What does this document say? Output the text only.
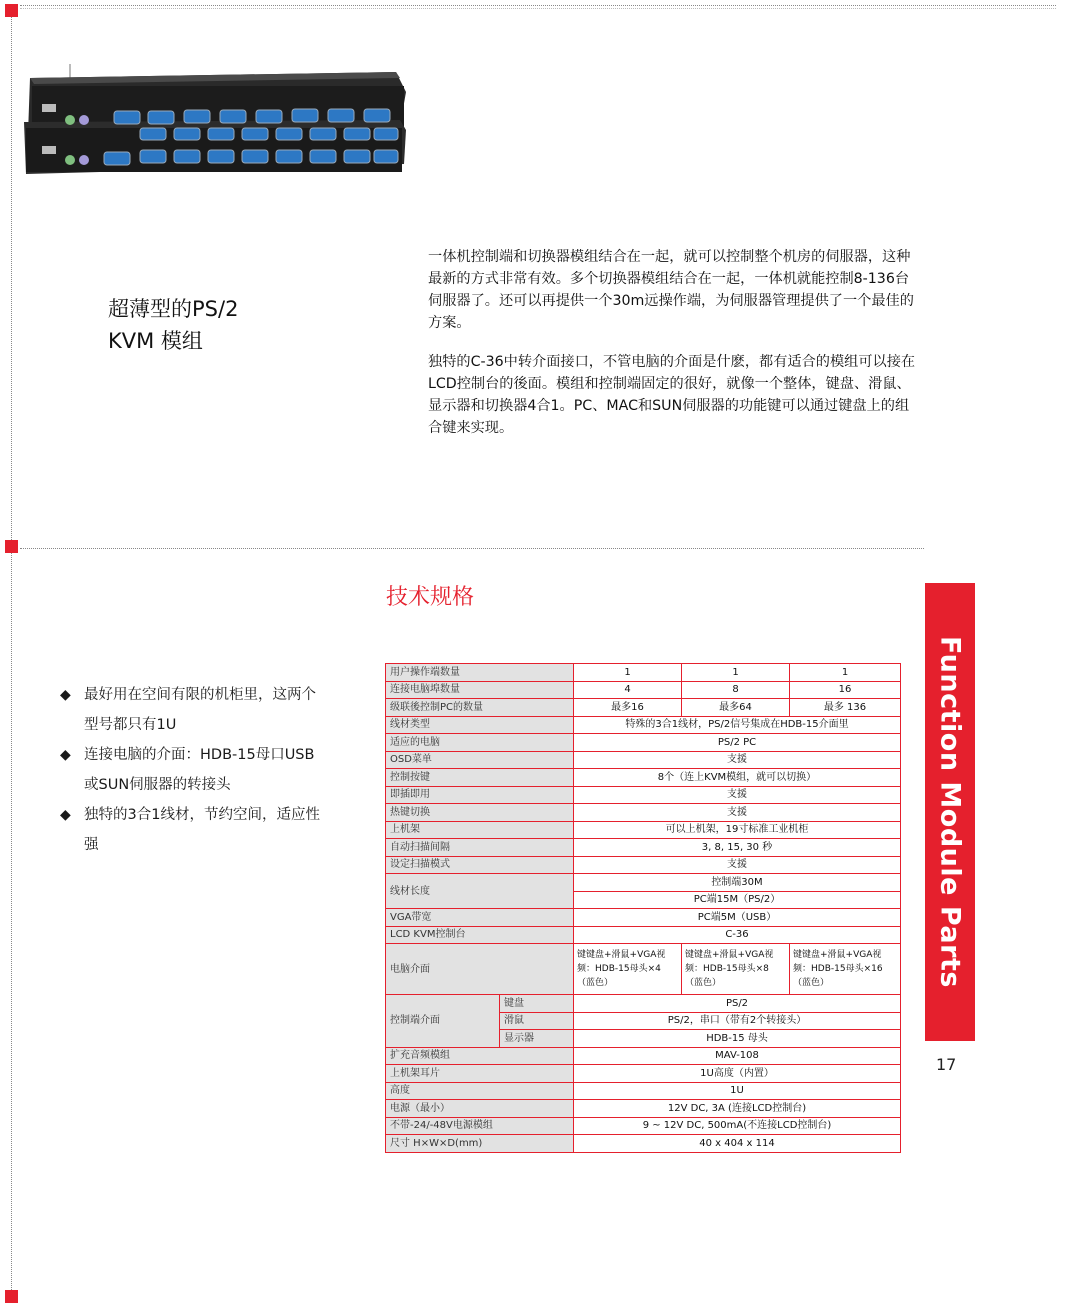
超薄型的PS/2
KVM 模组

一体机控制端和切换器模组结合在一起，就可以控制整个机房的伺服器，这种最新的方式非常有效。多个切换器模组结合在一起，一体机就能控制8-136台伺服器了。还可以再提供一个30m远操作端，为伺服器管理提供了一个最佳的方案。

独特的C-36中转介面接口，不管电脑的介面是什麽，都有适合的模组可以接在LCD控制台的後面。模组和控制端固定的很好，就像一个整体，键盘、滑鼠、显示器和切换器4合1。PC、MAC和SUN伺服器的功能键可以通过键盘上的组合键来实现。

技术规格
◆ 最好用在空间有限的机柜里，这两个型号都只有1U
◆ 连接电脑的介面：HDB-15母口USB或SUN伺服器的转接头
◆ 独特的3合1线材，节约空间，适应性强
用户操作端数量		1	1	1
连接电脑埠数量		4	8	16
级联後控制PC的数量		最多16	最多64	最多 136
线材类型		特殊的3合1线材，PS/2信号集成在HDB-15介面里		
适应的电脑		PS/2 PC		
OSD菜单		支援		
控制按键		8个（连上KVM模组，就可以切换）		
即插即用		支援		
热键切换		支援		
上机架		可以上机架，19寸标准工业机柜		
自动扫描间隔		3, 8, 15, 30 秒		
设定扫描模式		支援		
线材长度		控制端30M		
		PC端15M（PS/2）		
VGA带宽		PC端5M（USB）		
LCD KVM控制台		C-36		
电脑介面		键键盘+滑鼠+VGA视频：HDB-15母头×4（蓝色）	键键盘+滑鼠+VGA视频：HDB-15母头×8（蓝色）	键键盘+滑鼠+VGA视频：HDB-15母头×16（蓝色）
控制端介面	键盘	PS/2		
	滑鼠	PS/2，串口（带有2个转接头）		
	显示器	HDB-15 母头		
扩充音频模组		MAV-108		
上机架耳片		1U高度（内置）		
高度		1U		
电源（最小）		12V DC, 3A (连接LCD控制台)		
不带-24/-48V电源模组		9 ~ 12V DC, 500mA(不连接LCD控制台)		
尺寸 H×W×D(mm)		40 x 404 x 114		
Function Module Parts
17
